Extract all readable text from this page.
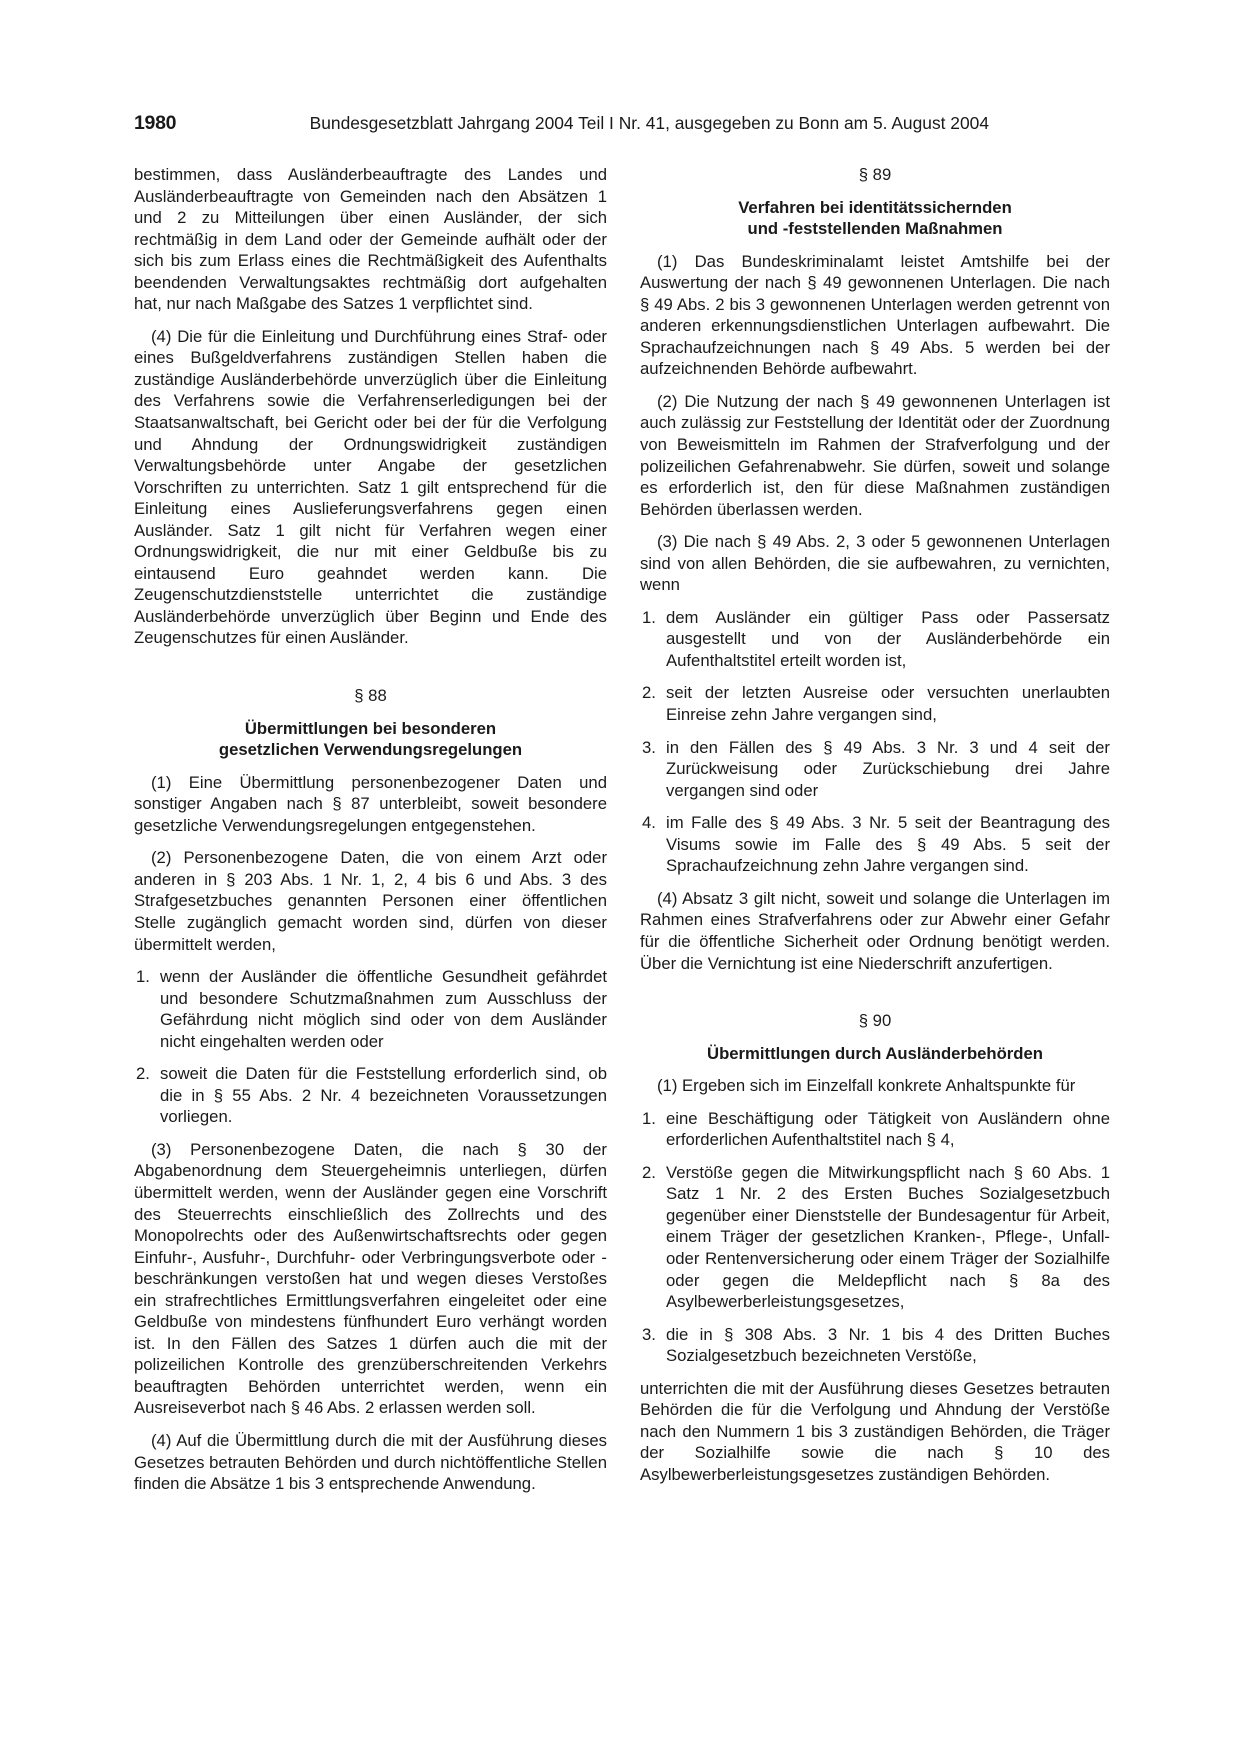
1980	Bundesgesetzblatt Jahrgang 2004 Teil I Nr. 41, ausgegeben zu Bonn am 5. August 2004

bestimmen, dass Ausländerbeauftragte des Landes und Ausländerbeauftragte von Gemeinden nach den Absätzen 1 und 2 zu Mitteilungen über einen Ausländer, der sich rechtmäßig in dem Land oder der Gemeinde aufhält oder der sich bis zum Erlass eines die Rechtmäßigkeit des Aufenthalts beendenden Verwaltungsaktes rechtmäßig dort aufgehalten hat, nur nach Maßgabe des Satzes 1 verpflichtet sind.

(4) Die für die Einleitung und Durchführung eines Straf- oder eines Bußgeldverfahrens zuständigen Stellen haben die zuständige Ausländerbehörde unverzüglich über die Einleitung des Verfahrens sowie die Verfahrenserledigungen bei der Staatsanwaltschaft, bei Gericht oder bei der für die Verfolgung und Ahndung der Ordnungswidrigkeit zuständigen Verwaltungsbehörde unter Angabe der gesetzlichen Vorschriften zu unterrichten. Satz 1 gilt entsprechend für die Einleitung eines Auslieferungsverfahrens gegen einen Ausländer. Satz 1 gilt nicht für Verfahren wegen einer Ordnungswidrigkeit, die nur mit einer Geldbuße bis zu eintausend Euro geahndet werden kann. Die Zeugenschutzdienststelle unterrichtet die zuständige Ausländerbehörde unverzüglich über Beginn und Ende des Zeugenschutzes für einen Ausländer.

§ 88
Übermittlungen bei besonderen
gesetzlichen Verwendungsregelungen

(1) Eine Übermittlung personenbezogener Daten und sonstiger Angaben nach § 87 unterbleibt, soweit besondere gesetzliche Verwendungsregelungen entgegenstehen.

(2) Personenbezogene Daten, die von einem Arzt oder anderen in § 203 Abs. 1 Nr. 1, 2, 4 bis 6 und Abs. 3 des Strafgesetzbuches genannten Personen einer öffentlichen Stelle zugänglich gemacht worden sind, dürfen von dieser übermittelt werden,

1. wenn der Ausländer die öffentliche Gesundheit gefährdet und besondere Schutzmaßnahmen zum Ausschluss der Gefährdung nicht möglich sind oder von dem Ausländer nicht eingehalten werden oder
2. soweit die Daten für die Feststellung erforderlich sind, ob die in § 55 Abs. 2 Nr. 4 bezeichneten Voraussetzungen vorliegen.

(3) Personenbezogene Daten, die nach § 30 der Abgabenordnung dem Steuergeheimnis unterliegen, dürfen übermittelt werden, wenn der Ausländer gegen eine Vorschrift des Steuerrechts einschließlich des Zollrechts und des Monopolrechts oder des Außenwirtschaftsrechts oder gegen Einfuhr-, Ausfuhr-, Durchfuhr- oder Verbringungsverbote oder -beschränkungen verstoßen hat und wegen dieses Verstoßes ein strafrechtliches Ermittlungsverfahren eingeleitet oder eine Geldbuße von mindestens fünfhundert Euro verhängt worden ist. In den Fällen des Satzes 1 dürfen auch die mit der polizeilichen Kontrolle des grenzüberschreitenden Verkehrs beauftragten Behörden unterrichtet werden, wenn ein Ausreiseverbot nach § 46 Abs. 2 erlassen werden soll.

(4) Auf die Übermittlung durch die mit der Ausführung dieses Gesetzes betrauten Behörden und durch nichtöffentliche Stellen finden die Absätze 1 bis 3 entsprechende Anwendung.

§ 89
Verfahren bei identitätssichernden
und -feststellenden Maßnahmen

(1) Das Bundeskriminalamt leistet Amtshilfe bei der Auswertung der nach § 49 gewonnenen Unterlagen. Die nach § 49 Abs. 2 bis 3 gewonnenen Unterlagen werden getrennt von anderen erkennungsdienstlichen Unterlagen aufbewahrt. Die Sprachaufzeichnungen nach § 49 Abs. 5 werden bei der aufzeichnenden Behörde aufbewahrt.

(2) Die Nutzung der nach § 49 gewonnenen Unterlagen ist auch zulässig zur Feststellung der Identität oder der Zuordnung von Beweismitteln im Rahmen der Strafverfolgung und der polizeilichen Gefahrenabwehr. Sie dürfen, soweit und solange es erforderlich ist, den für diese Maßnahmen zuständigen Behörden überlassen werden.

(3) Die nach § 49 Abs. 2, 3 oder 5 gewonnenen Unterlagen sind von allen Behörden, die sie aufbewahren, zu vernichten, wenn

1. dem Ausländer ein gültiger Pass oder Passersatz ausgestellt und von der Ausländerbehörde ein Aufenthaltstitel erteilt worden ist,
2. seit der letzten Ausreise oder versuchten unerlaubten Einreise zehn Jahre vergangen sind,
3. in den Fällen des § 49 Abs. 3 Nr. 3 und 4 seit der Zurückweisung oder Zurückschiebung drei Jahre vergangen sind oder
4. im Falle des § 49 Abs. 3 Nr. 5 seit der Beantragung des Visums sowie im Falle des § 49 Abs. 5 seit der Sprachaufzeichnung zehn Jahre vergangen sind.

(4) Absatz 3 gilt nicht, soweit und solange die Unterlagen im Rahmen eines Strafverfahrens oder zur Abwehr einer Gefahr für die öffentliche Sicherheit oder Ordnung benötigt werden. Über die Vernichtung ist eine Niederschrift anzufertigen.

§ 90
Übermittlungen durch Ausländerbehörden

(1) Ergeben sich im Einzelfall konkrete Anhaltspunkte für

1. eine Beschäftigung oder Tätigkeit von Ausländern ohne erforderlichen Aufenthaltstitel nach § 4,
2. Verstöße gegen die Mitwirkungspflicht nach § 60 Abs. 1 Satz 1 Nr. 2 des Ersten Buches Sozialgesetzbuch gegenüber einer Dienststelle der Bundesagentur für Arbeit, einem Träger der gesetzlichen Kranken-, Pflege-, Unfall- oder Rentenversicherung oder einem Träger der Sozialhilfe oder gegen die Meldepflicht nach § 8a des Asylbewerberleistungsgesetzes,
3. die in § 308 Abs. 3 Nr. 1 bis 4 des Dritten Buches Sozialgesetzbuch bezeichneten Verstöße,

unterrichten die mit der Ausführung dieses Gesetzes betrauten Behörden die für die Verfolgung und Ahndung der Verstöße nach den Nummern 1 bis 3 zuständigen Behörden, die Träger der Sozialhilfe sowie die nach § 10 des Asylbewerberleistungsgesetzes zuständigen Behörden.
